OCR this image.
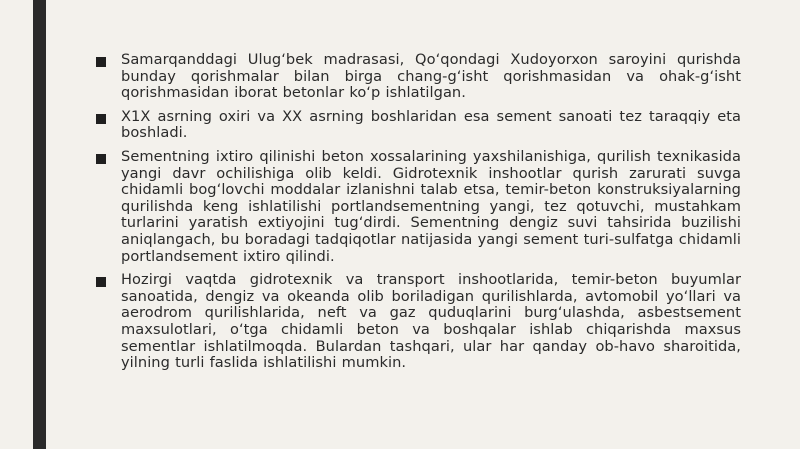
Samarqanddagi Ulug‘bek madrasasi, Qo‘qondagi Xudoyorxon saroyini qurishda bunday qorishmalar bilan birga chang-g‘isht qorishmasidan va ohak-g‘isht qorishmasidan iborat betonlar ko‘p ishlatilgan.
X1X asrning oxiri va XX asrning boshlaridan esa sement sanoati tez taraqqiy eta boshladi.
Sementning ixtiro qilinishi beton xossalarining yaxshilanishiga, qurilish texnikasida yangi davr ochilishiga olib keldi. Gidrotexnik inshootlar qurish zarurati suvga chidamli bog‘lovchi moddalar izlanishni talab etsa, temir-beton konstruksiyalarning qurilishda keng ishlatilishi portlandsementning yangi, tez qotuvchi, mustahkam turlarini yaratish extiyojini tug‘dirdi. Sementning dengiz suvi tahsirida buzilishi aniqlangach, bu boradagi tadqiqotlar natijasida yangi sement turi-sulfatga chidamli portlandsement ixtiro qilindi.
Hozirgi vaqtda gidrotexnik va transport inshootlarida, temir-beton buyumlar sanoatida, dengiz va okeanda olib boriladigan qurilishlarda, avtomobil yo‘llari va aerodrom qurilishlarida, neft va gaz quduqlarini burg‘ulashda, asbestsement maxsulotlari, o‘tga chidamli beton va boshqalar ishlab chiqarishda maxsus sementlar ishlatilmoqda. Bulardan tashqari, ular har qanday ob-havo sharoitida, yilning turli faslida ishlatilishi mumkin.
